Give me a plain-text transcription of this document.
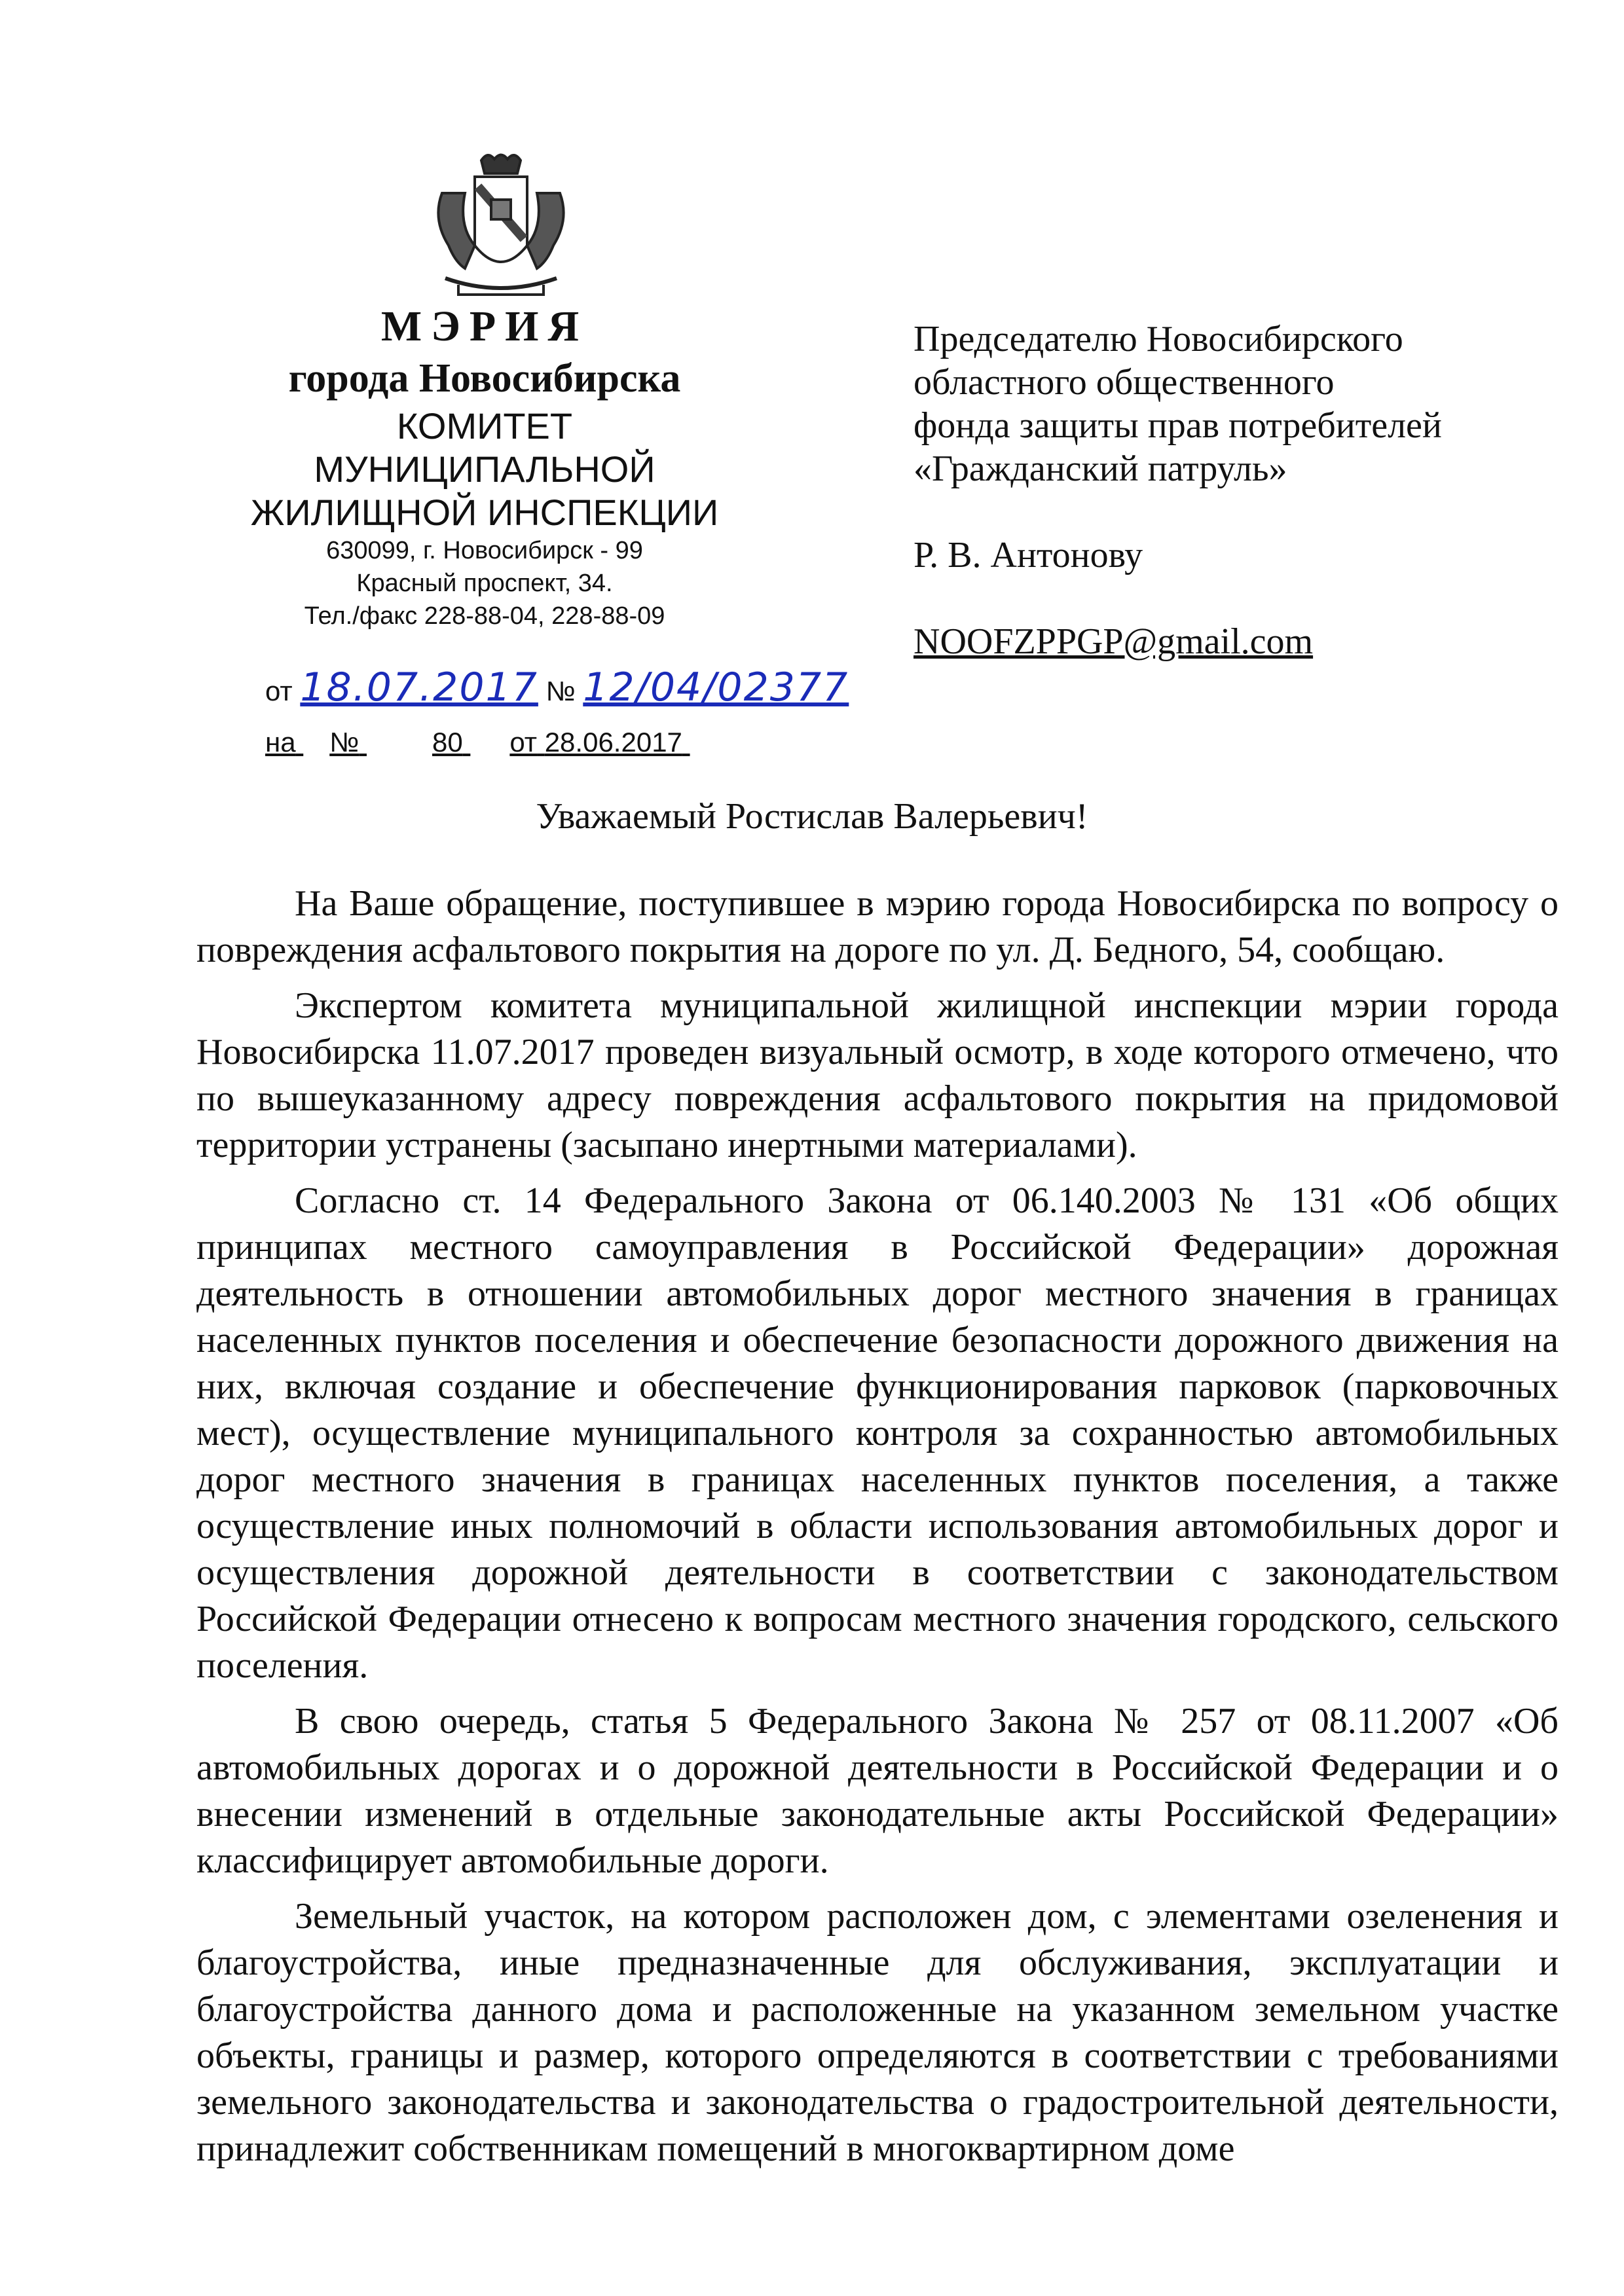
МЭРИЯ
города Новосибирска
КОМИТЕТ
МУНИЦИПАЛЬНОЙ
ЖИЛИЩНОЙ ИНСПЕКЦИИ
630099, г. Новосибирск - 99
Красный проспект, 34.
Тел./факс 228-88-04, 228-88-09
от 18.07.2017 № 12/04/02377
на №	80 от 28.06.2017
Председателю Новосибирского
областного общественного
фонда защиты прав потребителей
«Гражданский патруль»
Р. В. Антонову
NOOFZPPGP@gmail.com
Уважаемый Ростислав Валерьевич!

На Ваше обращение, поступившее в мэрию города Новосибирска по вопросу о повреждения асфальтового покрытия на дороге по ул. Д. Бедного, 54, сообщаю.

Экспертом комитета муниципальной жилищной инспекции мэрии города Новосибирска 11.07.2017 проведен визуальный осмотр, в ходе которого отмечено, что по вышеуказанному адресу повреждения асфальтового покрытия на придомовой территории устранены (засыпано инертными материалами).

Согласно ст. 14 Федерального Закона от 06.140.2003 № 131 «Об общих принципах местного самоуправления в Российской Федерации» дорожная деятельность в отношении автомобильных дорог местного значения в границах населенных пунктов поселения и обеспечение безопасности дорожного движения на них, включая создание и обеспечение функционирования парковок (парковочных мест), осуществление муниципального контроля за сохранностью автомобильных дорог местного значения в границах населенных пунктов поселения, а также осуществление иных полномочий в области использования автомобильных дорог и осуществления дорожной деятельности в соответствии с законодательством Российской Федерации отнесено к вопросам местного значения городского, сельского поселения.

В свою очередь, статья 5 Федерального Закона № 257 от 08.11.2007 «Об автомобильных дорогах и о дорожной деятельности в Российской Федерации и о внесении изменений в отдельные законодательные акты Российской Федерации» классифицирует автомобильные дороги.

Земельный участок, на котором расположен дом, с элементами озеленения и благоустройства, иные предназначенные для обслуживания, эксплуатации и благоустройства данного дома и расположенные на указанном земельном участке объекты, границы и размер, которого определяются в соответствии с требованиями земельного законодательства и законодательства о градостроительной деятельности, принадлежит собственникам помещений в многоквартирном доме
